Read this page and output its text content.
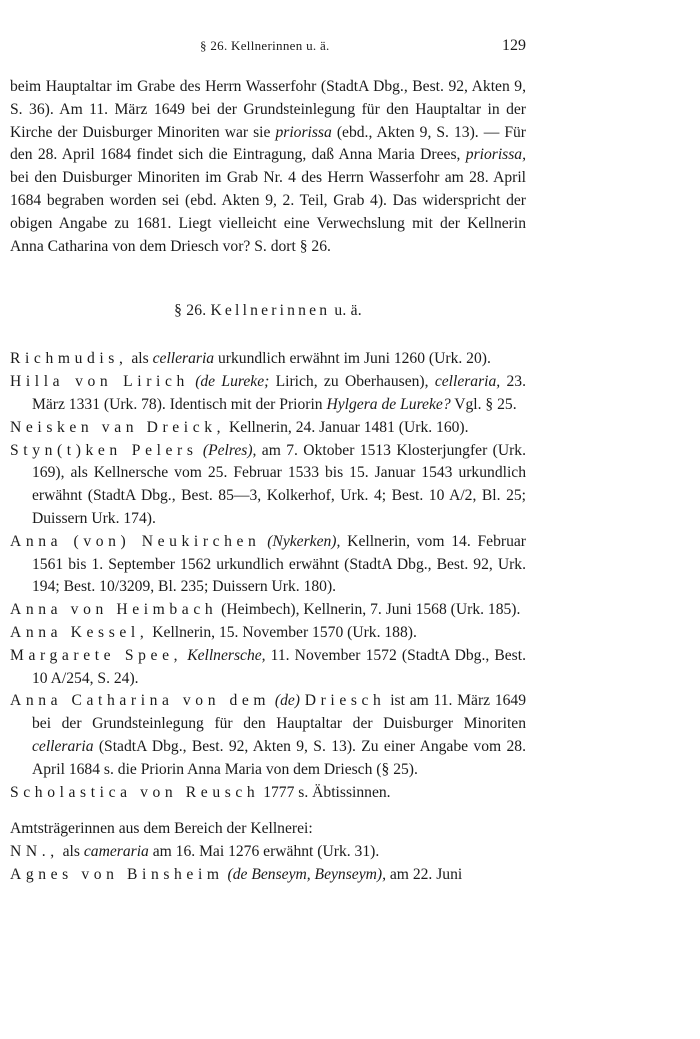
§ 26. Kellnerinnen u. ä.	129

beim Hauptaltar im Grabe des Herrn Wasserfohr (StadtA Dbg., Best. 92, Akten 9, S. 36). Am 11. März 1649 bei der Grundsteinlegung für den Hauptaltar in der Kirche der Duisburger Minoriten war sie priorissa (ebd., Akten 9, S. 13). — Für den 28. April 1684 findet sich die Eintragung, daß Anna Maria Drees, priorissa, bei den Duisburger Minoriten im Grab Nr. 4 des Herrn Wasserfohr am 28. April 1684 begraben worden sei (ebd. Akten 9, 2. Teil, Grab 4). Das widerspricht der obigen Angabe zu 1681. Liegt vielleicht eine Verwechslung mit der Kellnerin Anna Catharina von dem Driesch vor? S. dort § 26.

§ 26. Kellnerinnen u. ä.

Richmudis, als celleraria urkundlich erwähnt im Juni 1260 (Urk. 20).

Hilla von Lirich (de Lureke; Lirich, zu Oberhausen), celleraria, 23. März 1331 (Urk. 78). Identisch mit der Priorin Hylgera de Lureke? Vgl. § 25.

Neisken van Dreick, Kellnerin, 24. Januar 1481 (Urk. 160).

Styn(t)ken Pelers (Pelres), am 7. Oktober 1513 Klosterjungfer (Urk. 169), als Kellnersche vom 25. Februar 1533 bis 15. Januar 1543 urkundlich erwähnt (StadtA Dbg., Best. 85—3, Kolkerhof, Urk. 4; Best. 10 A/2, Bl. 25; Duissern Urk. 174).

Anna (von) Neukirchen (Nykerken), Kellnerin, vom 14. Februar 1561 bis 1. September 1562 urkundlich erwähnt (StadtA Dbg., Best. 92, Urk. 194; Best. 10/3209, Bl. 235; Duissern Urk. 180).

Anna von Heimbach (Heimbech), Kellnerin, 7. Juni 1568 (Urk. 185).

Anna Kessel, Kellnerin, 15. November 1570 (Urk. 188).

Margarete Spee, Kellnersche, 11. November 1572 (StadtA Dbg., Best. 10 A/254, S. 24).

Anna Catharina von dem (de) Driesch ist am 11. März 1649 bei der Grundsteinlegung für den Hauptaltar der Duisburger Minoriten celleraria (StadtA Dbg., Best. 92, Akten 9, S. 13). Zu einer Angabe vom 28. April 1684 s. die Priorin Anna Maria von dem Driesch (§ 25).

Scholastica von Reusch 1777 s. Äbtissinnen.

Amtsträgerinnen aus dem Bereich der Kellnerei:

NN., als cameraria am 16. Mai 1276 erwähnt (Urk. 31).

Agnes von Binsheim (de Benseym, Beynseym), am 22. Juni
